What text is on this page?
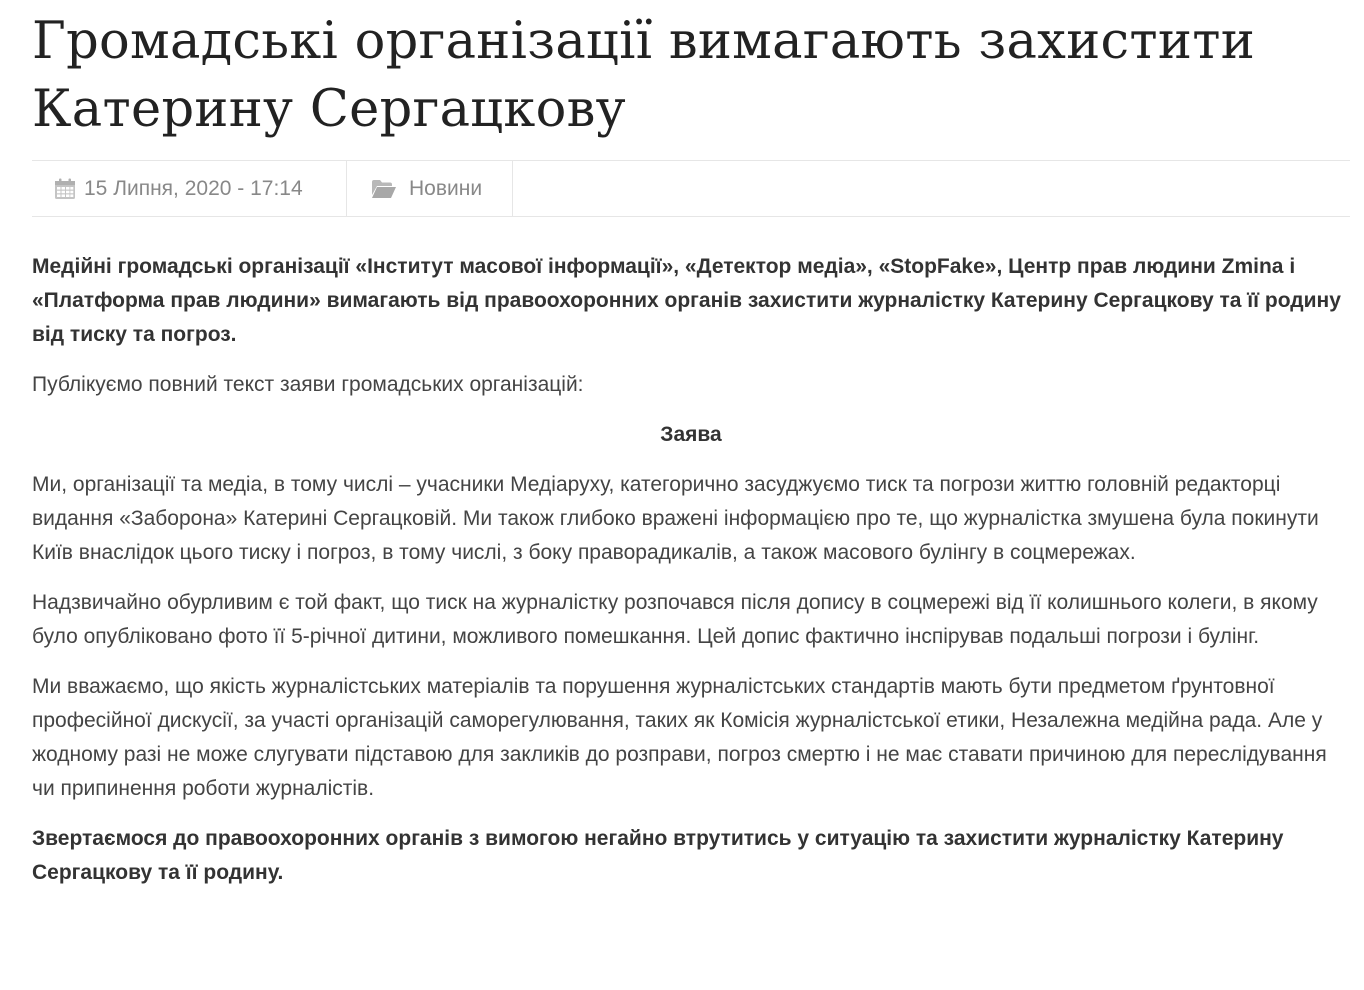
Громадські організації вимагають захистити Катерину Сергацкову
15 Липня, 2020 - 17:14	Новини

Медійні громадські організації «Інститут масової інформації», «Детектор медіа», «StopFake», Центр прав людини Zmina і «Платформа прав людини» вимагають від правоохоронних органів захистити журналістку Катерину Сергацкову та її родину від тиску та погроз.

Публікуємо повний текст заяви громадських організацій:

Заява

Ми, організації та медіа, в тому числі – учасники Медіаруху, категорично засуджуємо тиск та погрози життю головній редакторці видання «Заборона» Катерині Сергацковій. Ми також глибоко вражені інформацією про те, що журналістка змушена була покинути Київ внаслідок цього тиску і погроз, в тому числі, з боку праворадикалів, а також масового булінгу в соцмережах.

Надзвичайно обурливим є той факт, що тиск на журналістку розпочався після допису в соцмережі від її колишнього колеги, в якому було опубліковано фото її 5-річної дитини, можливого помешкання. Цей допис фактично інспірував подальші погрози і булінг.

Ми вважаємо, що якість журналістських матеріалів та порушення журналістських стандартів мають бути предметом ґрунтовної професійної дискусії, за участі організацій саморегулювання, таких як Комісія журналістської етики, Незалежна медійна рада. Але у жодному разі не може слугувати підставою для закликів до розправи, погроз смертю і не має ставати причиною для переслідування чи припинення роботи журналістів.

Звертаємося до правоохоронних органів з вимогою негайно втрутитись у ситуацію та захистити журналістку Катерину Сергацкову та її родину.
